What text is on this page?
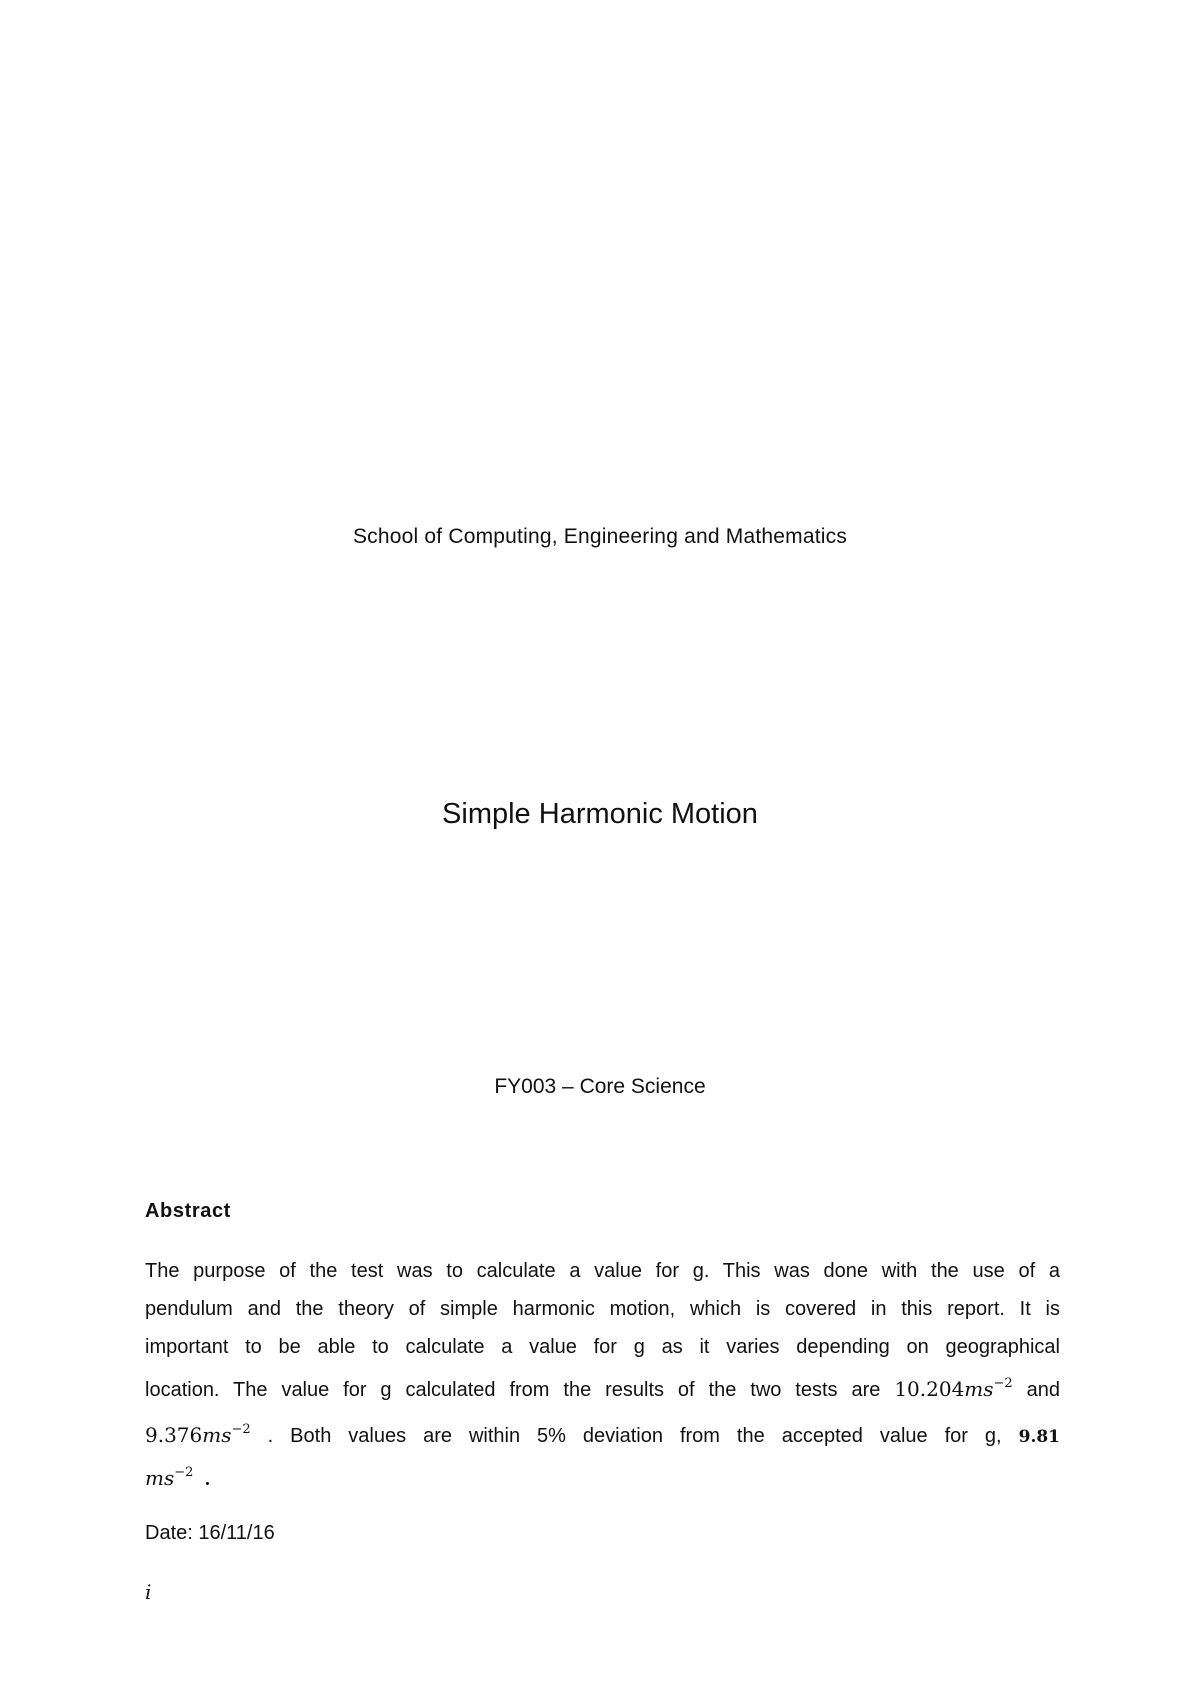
School of Computing, Engineering and Mathematics
Simple Harmonic Motion
FY003 – Core Science
Abstract
The purpose of the test was to calculate a value for g. This was done with the use of a
pendulum and the theory of simple harmonic motion, which is covered in this report. It is
important to be able to calculate a value for g as it varies depending on geographical
location. The value for g calculated from the results of the two tests are $10.204ms^{-2}$ and
$9.376ms^{-2}$ . Both values are within 5% deviation from the accepted value for g, 9.81
$ms^{-2}$ .
Date: 16/11/16
i
